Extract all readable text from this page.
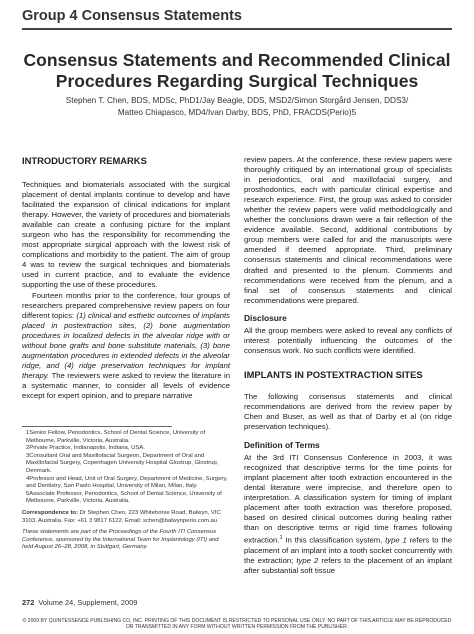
Group 4 Consensus Statements
Consensus Statements and Recommended Clinical Procedures Regarding Surgical Techniques
Stephen T. Chen, BDS, MDSc, PhD1/Jay Beagle, DDS, MSD2/Simon Storgård Jensen, DDS3/
Matteo Chiapasco, MD4/Ivan Darby, BDS, PhD, FRACDS(Perio)5

INTRODUCTORY REMARKS

Techniques and biomaterials associated with the surgical placement of dental implants continue to develop and have facilitated the expansion of clinical indications for implant therapy. However, the variety of procedures and biomaterials available can create a confusing picture for the implant surgeon who has the responsibility for recommending the most appropriate surgical approach with the lowest risk of complications and morbidity to the patient. The aim of group 4 was to review the surgical techniques and biomaterials used in current practice, and to evaluate the evidence supporting the use of these procedures.

Fourteen months prior to the conference, four groups of researchers prepared comprehensive review papers on four different topics: (1) clinical and esthetic outcomes of implants placed in postextraction sites, (2) bone augmentation procedures in localized defects in the alveolar ridge with or without bone grafts and bone substitute materials, (3) bone augmentation procedures in extended defects in the alveolar ridge, and (4) ridge preservation techniques for implant therapy. The reviewers were asked to review the literature in a systematic manner, to consider all levels of evidence except for expert opinion, and to prepare narrative

1Senior Fellow, Periodontics, School of Dental Science, University of Melbourne, Parkville, Victoria, Australia.

2Private Practice, Indianapolis, Indiana, USA.

3Consultant Oral and Maxillofacial Surgeon, Department of Oral and Maxillofacial Surgery, Copenhagen University Hospital Glostrup, Glostrup, Denmark.

4Professor and Head, Unit of Oral Surgery, Department of Medicine, Surgery, and Dentistry, San Paolo Hospital, University of Milan, Milan, Italy.

5Associate Professor, Periodontics, School of Dental Science, University of Melbourne, Parkville, Victoria, Australia.

Correspondence to: Dr Stephen Chen, 223 Whitehorse Road, Balwyn, VIC 3103, Australia. Fax: +61 3 9817 6122. Email: schen@balwynperio.com.au

These statements are part of the Proceedings of the Fourth ITI Consensus Conference, sponsored by the International Team for Implantology (ITI) and held August 26–28, 2008, in Stuttgart, Germany.

review papers. At the conference, these review papers were thoroughly critiqued by an international group of specialists in periodontics, oral and maxillofacial surgery, and prosthodontics, each with particular clinical expertise and research experience. First, the group was asked to consider whether the review papers were valid methodologically and whether the conclusions drawn were a fair reflection of the evidence available. Second, additional contributions by group members were called for and the manuscripts were amended if deemed appropriate. Third, preliminary consensus statements and clinical recommendations were drafted and presented to the plenum. Comments and recommendations were received from the plenum, and a final set of consensus statements and clinical recommendations were prepared.

Disclosure

All the group members were asked to reveal any conflicts of interest potentially influencing the outcomes of the consensus work. No such conflicts were identified.

IMPLANTS IN POSTEXTRACTION SITES

The following consensus statements and clinical recommendations are derived from the review paper by Chen and Buser, as well as that of Darby et al (on ridge preservation techniques).

Definition of Terms

At the 3rd ITI Consensus Conference in 2003, it was recognized that descriptive terms for the time points for implant placement after tooth extraction encountered in the dental literature were imprecise, and therefore open to interpretation. A classification system for timing of implant placement after tooth extraction was therefore proposed, based on desired clinical outcomes during healing rather than on descriptive terms or rigid time frames following extraction.$^1$ In this classification system, type 1 refers to the placement of an implant into a tooth socket concurrently with the extraction; type 2 refers to the placement of an implant after substantial soft tissue

272 Volume 24, Supplement, 2009
© 2009 BY QUINTESSENCE PUBLISHING CO, INC. PRINTING OF THIS DOCUMENT IS RESTRICTED TO PERSONAL USE ONLY. NO PART OF THIS ARTICLE MAY BE REPRODUCED OR TRANSMITTED IN ANY FORM WITHOUT WRITTEN PERMISSION FROM THE PUBLISHER.
